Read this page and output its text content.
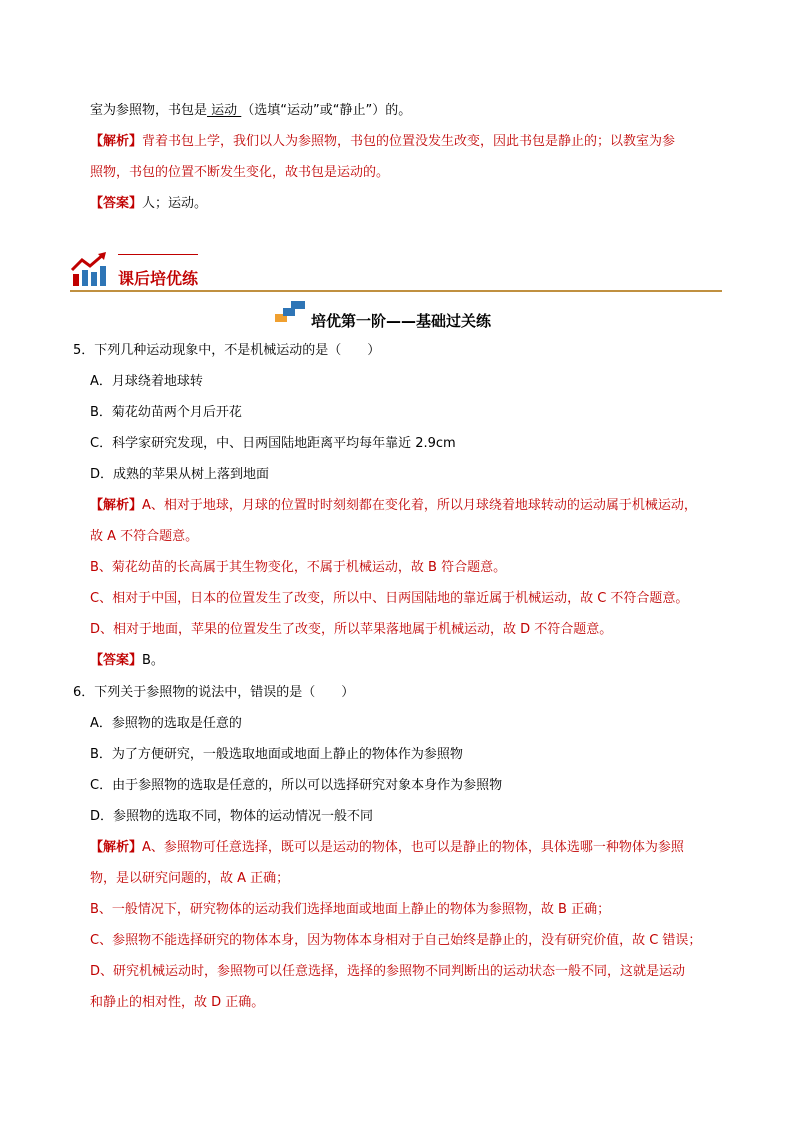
室为参照物，书包是 运动 （选填“运动”或“静止”）的。
【解析】背着书包上学，我们以人为参照物，书包的位置没发生改变，因此书包是静止的；以教室为参
照物，书包的位置不断发生变化，故书包是运动的。
【答案】人；运动。
课后培优练
培优第一阶——基础过关练
5．下列几种运动现象中，不是机械运动的是（　　）
A．月球绕着地球转
B．菊花幼苗两个月后开花
C．科学家研究发现，中、日两国陆地距离平均每年靠近 2.9cm
D．成熟的苹果从树上落到地面
【解析】A、相对于地球，月球的位置时时刻刻都在变化着，所以月球绕着地球转动的运动属于机械运动，
故 A 不符合题意。
B、菊花幼苗的长高属于其生物变化，不属于机械运动，故 B 符合题意。
C、相对于中国，日本的位置发生了改变，所以中、日两国陆地的靠近属于机械运动，故 C 不符合题意。
D、相对于地面，苹果的位置发生了改变，所以苹果落地属于机械运动，故 D 不符合题意。
【答案】B。
6．下列关于参照物的说法中，错误的是（　　）
A．参照物的选取是任意的
B．为了方便研究，一般选取地面或地面上静止的物体作为参照物
C．由于参照物的选取是任意的，所以可以选择研究对象本身作为参照物
D．参照物的选取不同，物体的运动情况一般不同
【解析】A、参照物可任意选择，既可以是运动的物体，也可以是静止的物体，具体选哪一种物体为参照
物，是以研究问题的，故 A 正确；
B、一般情况下，研究物体的运动我们选择地面或地面上静止的物体为参照物，故 B 正确；
C、参照物不能选择研究的物体本身，因为物体本身相对于自己始终是静止的，没有研究价值，故 C 错误；
D、研究机械运动时，参照物可以任意选择，选择的参照物不同判断出的运动状态一般不同，这就是运动
和静止的相对性，故 D 正确。
